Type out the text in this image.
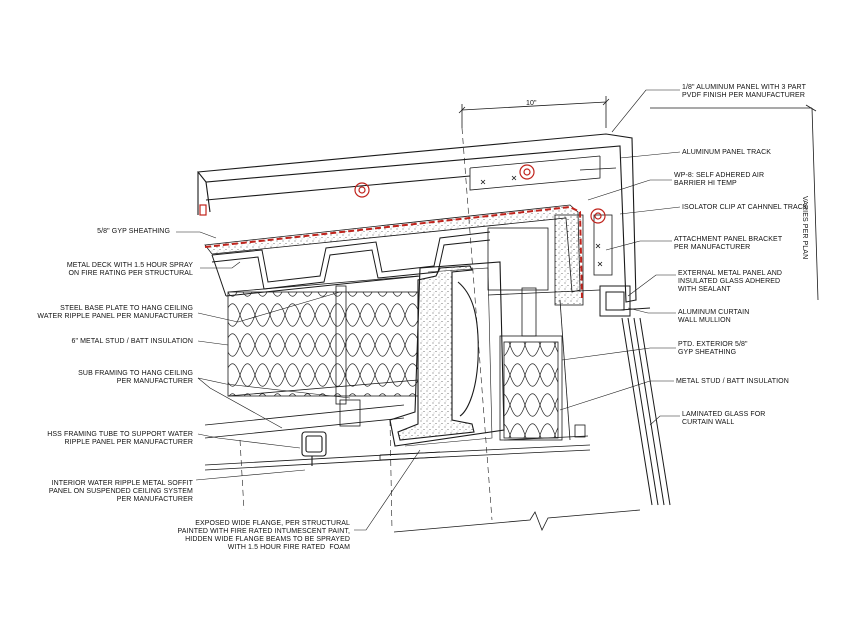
5/8" GYP SHEATHING
METAL DECK WITH 1.5 HOUR SPRAY
ON FIRE RATING PER STRUCTURAL
STEEL BASE PLATE TO HANG CEILING
WATER RIPPLE PANEL PER MANUFACTURER
6" METAL STUD / BATT INSULATION
SUB FRAMING TO HANG CEILING
PER MANUFACTURER
HSS FRAMING TUBE TO SUPPORT WATER
RIPPLE PANEL PER MANUFACTURER
INTERIOR WATER RIPPLE METAL SOFFIT
PANEL ON SUSPENDED CEILING SYSTEM
PER MANUFACTURER
EXPOSED WIDE FLANGE, PER STRUCTURAL
PAINTED WITH FIRE RATED INTUMESCENT PAINT,
HIDDEN WIDE FLANGE BEAMS TO BE SPRAYED
WITH 1.5 HOUR FIRE RATED  FOAM
1/8" ALUMINUM PANEL WITH 3 PART
PVDF FINISH PER MANUFACTURER
ALUMINUM PANEL TRACK
WP-8: SELF ADHERED AIR
BARRIER HI TEMP
ISOLATOR CLIP AT CAHNNEL TRACK
ATTACHMENT PANEL BRACKET
PER MANUFACTURER
EXTERNAL METAL PANEL AND
INSULATED GLASS ADHERED
WITH SEALANT
ALUMINUM CURTAIN
WALL MULLION
PTD. EXTERIOR 5/8"
GYP SHEATHING
METAL STUD / BATT INSULATION
LAMINATED GLASS FOR
CURTAIN WALL
10"
VARIES PER PLAN
